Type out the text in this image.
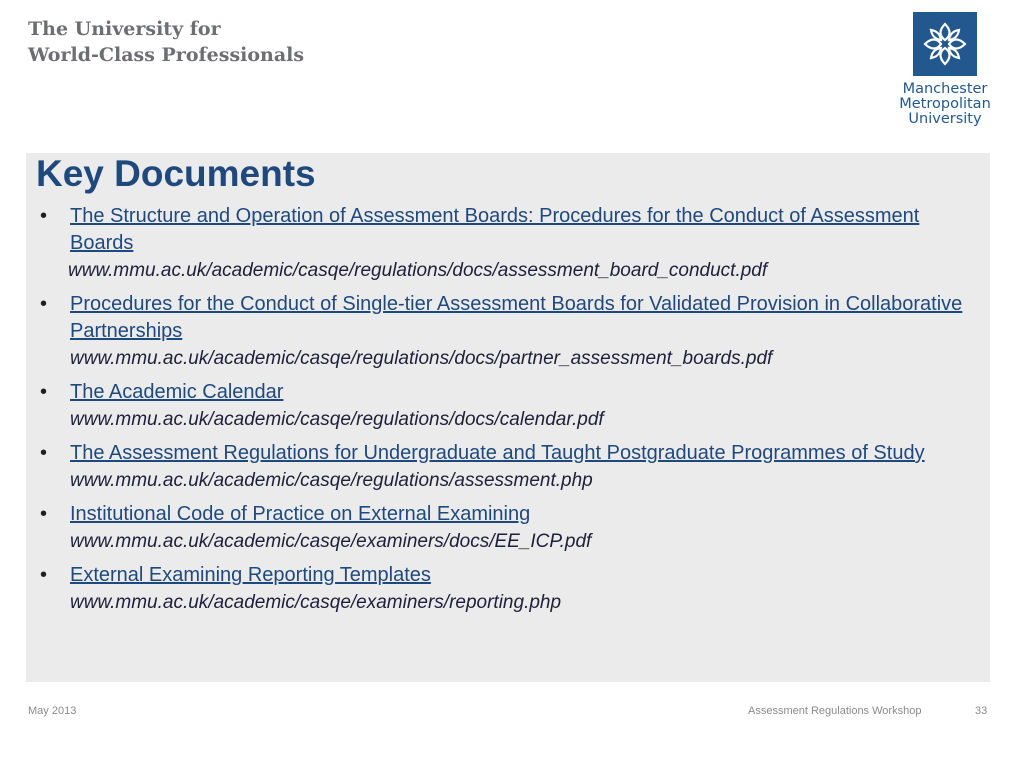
The University for
World-Class Professionals
Manchester
Metropolitan
University
Key Documents
• The Structure and Operation of Assessment Boards: Procedures for the Conduct of Assessment Boards
www.mmu.ac.uk/academic/casqe/regulations/docs/assessment_board_conduct.pdf
• Procedures for the Conduct of Single-tier Assessment Boards for Validated Provision in Collaborative Partnerships
www.mmu.ac.uk/academic/casqe/regulations/docs/partner_assessment_boards.pdf
• The Academic Calendar
www.mmu.ac.uk/academic/casqe/regulations/docs/calendar.pdf
• The Assessment Regulations for Undergraduate and Taught Postgraduate Programmes of Study
www.mmu.ac.uk/academic/casqe/regulations/assessment.php
• Institutional Code of Practice on External Examining
www.mmu.ac.uk/academic/casqe/examiners/docs/EE_ICP.pdf
• External Examining Reporting Templates
www.mmu.ac.uk/academic/casqe/examiners/reporting.php
May 2013	Assessment Regulations Workshop	33
